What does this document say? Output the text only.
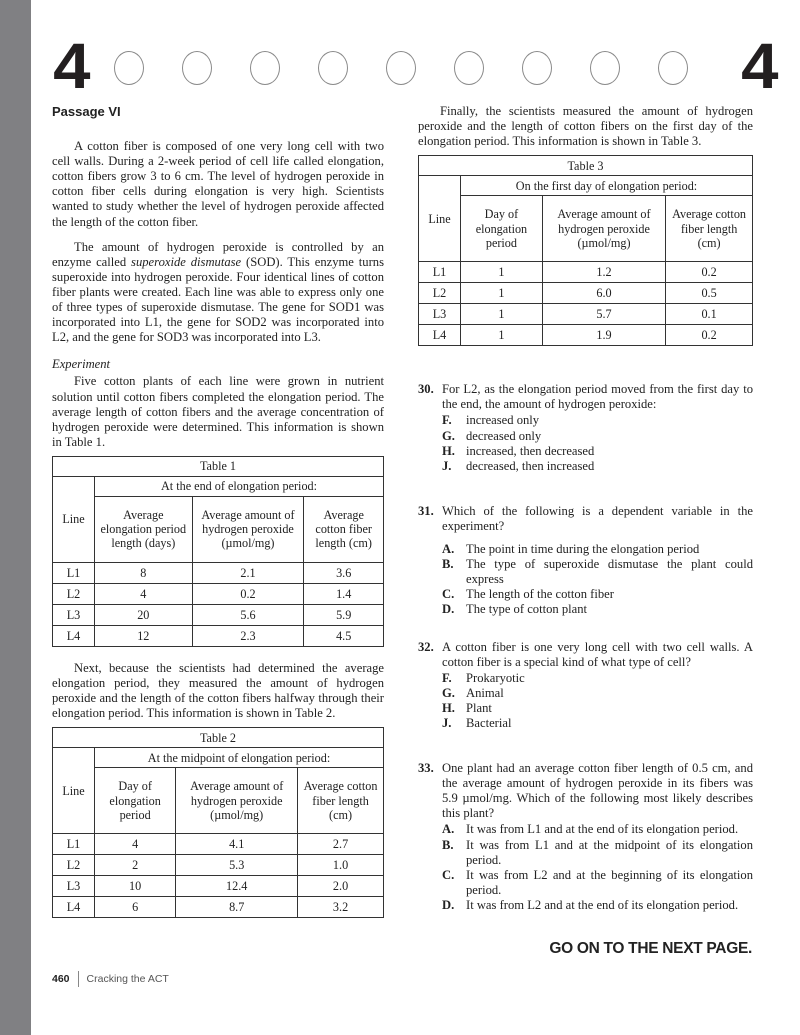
4	4
Passage VI

A cotton fiber is composed of one very long cell with two cell walls. During a 2-week period of cell life called elongation, cotton fibers grow 3 to 6 cm. The level of hydrogen peroxide in cotton fiber cells during elongation is very high. Scientists wanted to study whether the level of hydrogen peroxide affected the length of the cotton fiber.

The amount of hydrogen peroxide is controlled by an enzyme called superoxide dismutase (SOD). This enzyme turns superoxide into hydrogen peroxide. Four identical lines of cotton fiber plants were created. Each line was able to express only one of three types of superoxide dismutase. The gene for SOD1 was incorporated into L1, the gene for SOD2 was incorporated into L2, and the gene for SOD3 was incorporated into L3.

Experiment

Five cotton plants of each line were grown in nutrient solution until cotton fibers completed the elongation period. The average length of cotton fibers and the average concentration of hydrogen peroxide were determined. This information is shown in Table 1.

Table 1			
Line	At the end of elongation period:		
	Average elongation period length (days)	Average amount of hydrogen peroxide (µmol/mg)	Average cotton fiber length (cm)
L1	8	2.1	3.6
L2	4	0.2	1.4
L3	20	5.6	5.9
L4	12	2.3	4.5

Next, because the scientists had determined the average elongation period, they measured the amount of hydrogen peroxide and the length of the cotton fibers halfway through their elongation period. This information is shown in Table 2.

Table 2			
Line	At the midpoint of elongation period:		
	Day of elongation period	Average amount of hydrogen peroxide (µmol/mg)	Average cotton fiber length (cm)
L1	4	4.1	2.7
L2	2	5.3	1.0
L3	10	12.4	2.0
L4	6	8.7	3.2

Finally, the scientists measured the amount of hydrogen peroxide and the length of cotton fibers on the first day of the elongation period. This information is shown in Table 3.

Table 3			
Line	On the first day of elongation period:		
	Day of elongation period	Average amount of hydrogen peroxide (µmol/mg)	Average cotton fiber length (cm)
L1	1	1.2	0.2
L2	1	6.0	0.5
L3	1	5.7	0.1
L4	1	1.9	0.2
30. For L2, as the elongation period moved from the first day to the end, the amount of hydrogen peroxide:
F.	increased only
G. decreased only
H. increased, then decreased
J.	decreased, then increased
31. Which of the following is a dependent variable in the experiment?
A. The point in time during the elongation period
B. The type of superoxide dismutase the plant could express
C. The length of the cotton fiber
D. The type of cotton plant
32. A cotton fiber is one very long cell with two cell walls. A cotton fiber is a special kind of what type of cell?
F.	Prokaryotic
G. Animal
H. Plant
J.	Bacterial
33. One plant had an average cotton fiber length of 0.5 cm, and the average amount of hydrogen peroxide in its fibers was 5.9 µmol/mg. Which of the following most likely describes this plant?
A. It was from L1 and at the end of its elongation period.
B. It was from L1 and at the midpoint of its elongation period.
C. It was from L2 and at the beginning of its elongation period.
D. It was from L2 and at the end of its elongation period.
GO ON TO THE NEXT PAGE.
460 Cracking the ACT
